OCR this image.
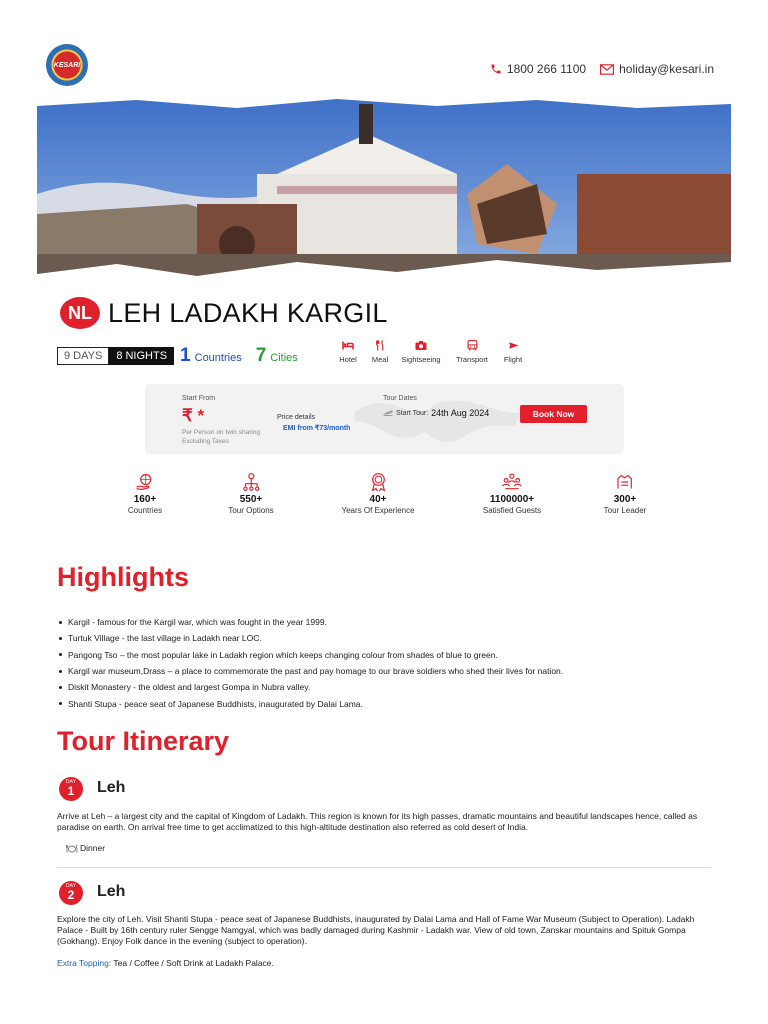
KESARI	1800 266 1100	holiday@kesari.in
NL LEH LADAKH KARGIL
9 DAYS	8 NIGHTS 1 Countries 7 Cities	Hotel Meal Sightseeing Transport Flight
Start From
₹ *
Per Person on twin sharing
Excluding Taxes
Price details
EMI from ₹73/month
Tour Dates
Start Tour: 24th Aug 2024	Book Now
160+
Countries
550+
Tour Options
40+
Years Of Experience
1100000+
Satisfied Guests
300+
Tour Leader
Highlights
Kargil - famous for the Kargil war, which was fought in the year 1999.
Turtuk Village - the last village in Ladakh near LOC.
Pangong Tso – the most popular lake in Ladakh region which keeps changing colour from shades of blue to green.
Kargil war museum,Drass – a place to commemorate the past and pay homage to our brave soldiers who shed their lives for nation.
Diskit Monastery - the oldest and largest Gompa in Nubra valley.
Shanti Stupa - peace seat of Japanese Buddhists, inaugurated by Dalai Lama.
Tour Itinerary
DAY
1	Leh
Arrive at Leh – a largest city and the capital of Kingdom of Ladakh. This region is known for its high passes, dramatic mountains and beautiful landscapes hence, called as paradise on earth. On arrival free time to get acclimatized to this high-altitude destination also referred as cold desert of India.
Dinner
DAY
2	Leh
Explore the city of Leh. Visit Shanti Stupa - peace seat of Japanese Buddhists, inaugurated by Dalai Lama and Hall of Fame War Museum (Subject to Operation). Ladakh Palace - Built by 16th century ruler Sengge Namgyal, which was badly damaged during Kashmir - Ladakh war. View of old town, Zanskar mountains and Spituk Gompa (Gokhang). Enjoy Folk dance in the evening (subject to operation).
Extra Topping: Tea / Coffee / Soft Drink at Ladakh Palace.
